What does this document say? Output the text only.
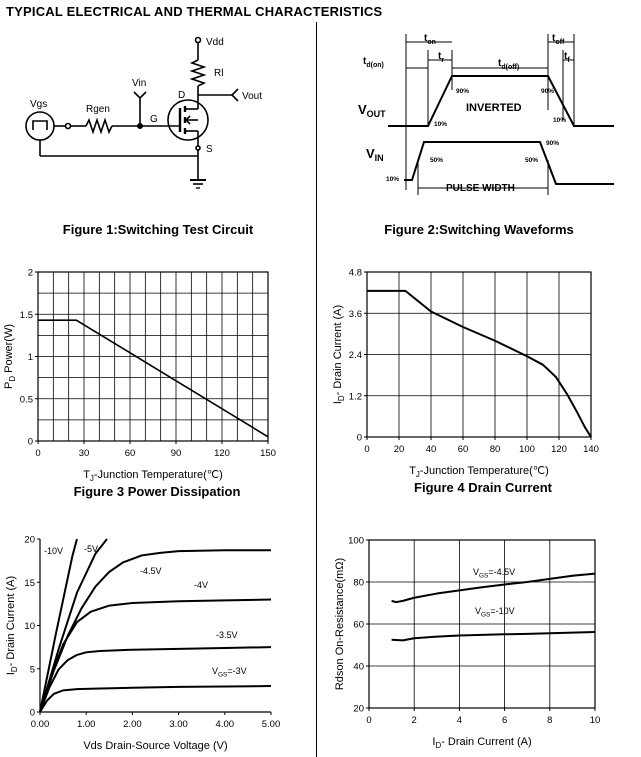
TYPICAL ELECTRICAL AND THERMAL CHARACTERISTICS
Vdd
Rl
Vout
Vin
D
G
S
Rgen
Vgs
Figure 1:Switching Test Circuit
$t_{on}$	$t_{off}$
$t_r$	$t_f$
$t_{d(on)}$	$t_{d(off)}$
$V_{OUT}$
$V_{IN}$
INVERTED
PULSE WIDTH
90%	90%
10%
10%
90%
50%	50%
10%
Figure 2:Switching Waveforms
0	30	60	90	120	150
0
0.5
1
1.5
2
$T_J$-Junction Temperature(℃)
$P_D$ Power(W)
Figure 3 Power Dissipation
0	20 40 60 80 100 120 140
0
1.2
2.4
3.6
4.8
$T_J$-Junction Temperature(℃)
$I_D-$ Drain Current (A)
Figure 4 Drain Current
0.00	1.00	2.00	3.00	4.00	5.00
0
5
10
15
20
Vds Drain-Source Voltage (V)
$I_D-$ Drain Current (A)
-10V -5V
-4.5V
-4V
-3.5V
$V_{GS}=-3V$
0	2	4	6	8	10
20
40
60
80
100
$I_D-$ Drain Current (A)
Rdson On-Resistance(mΩ)	$V_{GS}=-4.5V$
$V_{GS}=-10V$
